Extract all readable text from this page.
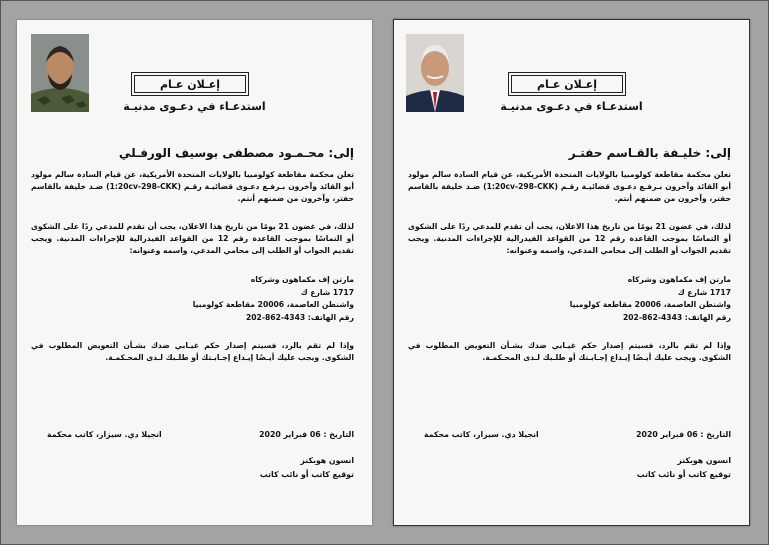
إعـلان عـام
استدعـاء في دعـوى مدنيـة
إلى: محـمـود مصطفى بوسيف الورفـلي
تعلن محكمة مقاطعة كولومبيا بالولايات المتحدة الأمريكية، عن قيام السادة سالم مولود أبو القائد وآخرون بـرفـع دعـوى قضائيـة رقـم (1:20cv-298-CKK) ضـد خليفة بالقاسم حفتر، وآخرون من ضمنهم أنتم.
لذلك، في غضون 21 يومًا من تاريخ هذا الاعلان، يجب أن تقدم للمدعي ردًا على الشكوى أو التماسًا بموجب القاعدة رقم 12 من القواعد الفيدرالية للإجراءات المدنية. ويجب تقديم الجواب أو الطلب إلى محامي المدعي، واسمه وعنوانه:
مارتن إف مكماهون وشركاه
1717 شارع ك
واشنطن العاصمة، 20006 مقاطعة كولومبيا
رقم الهاتف: 4343-862-202
وإذا لم تقم بالرد، فسيتم إصدار حكم غيـابي ضدك بشـأن التعويض المطلوب في الشكوى. ويجب عليك أيـضًا إيـداع إجـابـتك أو طلـبك لـدى المحـكمـة.
التاريخ : 06 فبراير 2020
انجيلا دي. سيزار، كاتب محكمة
انسون هوبكنز
توقيع كاتب أو نائب كاتب
إعـلان عـام
استدعـاء في دعـوى مدنيـة
إلى: خليـفة بالقـاسم حفتـر
تعلن محكمة مقاطعة كولومبيا بالولايات المتحدة الأمريكية، عن قيام السادة سالم مولود أبو القائد وآخرون بـرفـع دعـوى قضائيـة رقـم (1:20cv-298-CKK) ضـد خليفة بالقاسم حفتر، وآخرون من ضمنهم أنتم.
لذلك، في غضون 21 يومًا من تاريخ هذا الاعلان، يجب أن تقدم للمدعي ردًا على الشكوى أو التماسًا بموجب القاعدة رقم 12 من القواعد الفيدرالية للإجراءات المدنية. ويجب تقديم الجواب أو الطلب إلى محامي المدعي، واسمه وعنوانه:
مارتن إف مكماهون وشركاه
1717 شارع ك
واشنطن العاصمة، 20006 مقاطعة كولومبيا
رقم الهاتف: 4343-862-202
وإذا لم تقم بالرد، فسيتم إصدار حكم غيـابي ضدك بشـأن التعويض المطلوب في الشكوى. ويجب عليك أيـضًا إيـداع إجـابـتك أو طلـبك لـدى المحـكمـة.
التاريخ : 06 فبراير 2020
انجيلا دي. سيزار، كاتب محكمة
انسون هوبكنز
توقيع كاتب أو نائب كاتب
